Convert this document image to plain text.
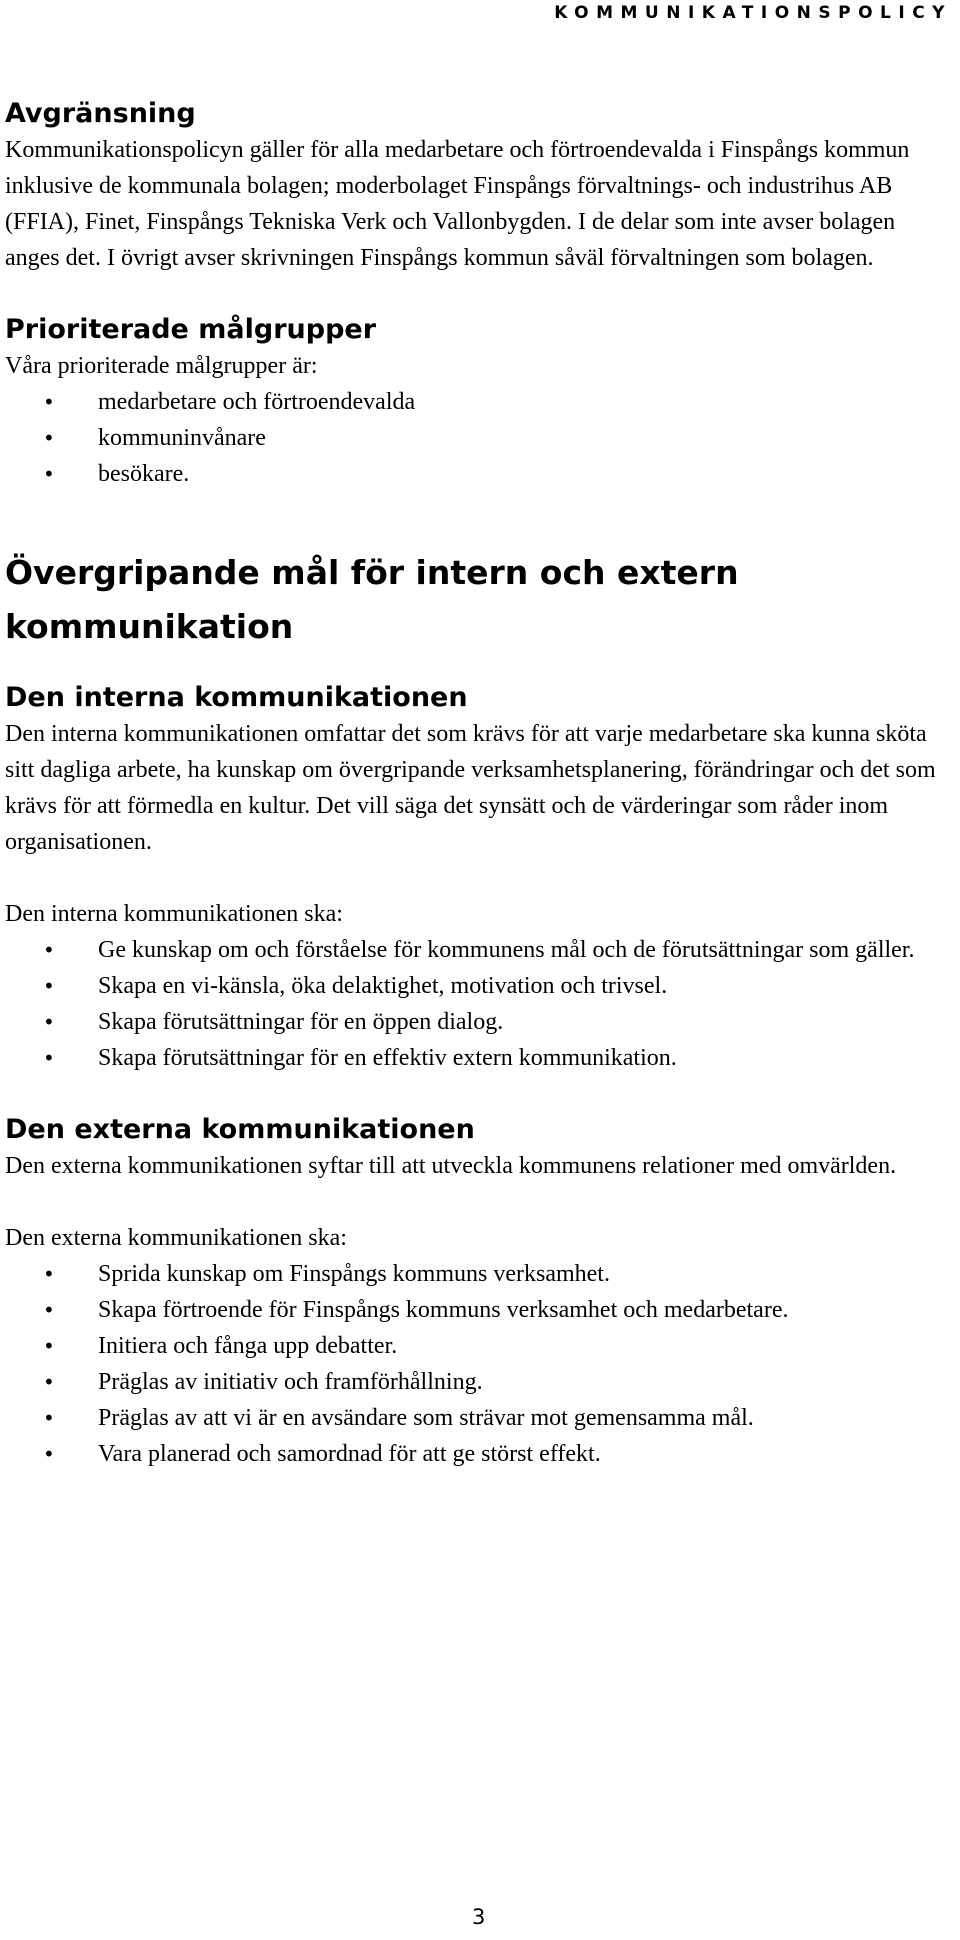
KOMMUNIKATIONSPOLICY
Avgränsning

Kommunikationspolicyn gäller för alla medarbetare och förtroendevalda i Finspångs kommun inklusive de kommunala bolagen; moderbolaget Finspångs förvaltnings- och industrihus AB (FFIA), Finet, Finspångs Tekniska Verk och Vallonbygden. I de delar som inte avser bolagen anges det. I övrigt avser skrivningen Finspångs kommun såväl förvaltningen som bolagen.

Prioriterade målgrupper

Våra prioriterade målgrupper är:

• medarbetare och förtroendevalda
• kommuninvånare
• besökare.
Övergripande mål för intern och extern kommunikation
Den interna kommunikationen

Den interna kommunikationen omfattar det som krävs för att varje medarbetare ska kunna sköta sitt dagliga arbete, ha kunskap om övergripande verksamhetsplanering, förändringar och det som krävs för att förmedla en kultur. Det vill säga det synsätt och de värderingar som råder inom organisationen.

Den interna kommunikationen ska:

• Ge kunskap om och förståelse för kommunens mål och de förutsättningar som gäller.
• Skapa en vi-känsla, öka delaktighet, motivation och trivsel.
• Skapa förutsättningar för en öppen dialog.
• Skapa förutsättningar för en effektiv extern kommunikation.
Den externa kommunikationen

Den externa kommunikationen syftar till att utveckla kommunens relationer med omvärlden.

Den externa kommunikationen ska:

• Sprida kunskap om Finspångs kommuns verksamhet.
• Skapa förtroende för Finspångs kommuns verksamhet och medarbetare.
• Initiera och fånga upp debatter.
• Präglas av initiativ och framförhållning.
• Präglas av att vi är en avsändare som strävar mot gemensamma mål.
• Vara planerad och samordnad för att ge störst effekt.
3
